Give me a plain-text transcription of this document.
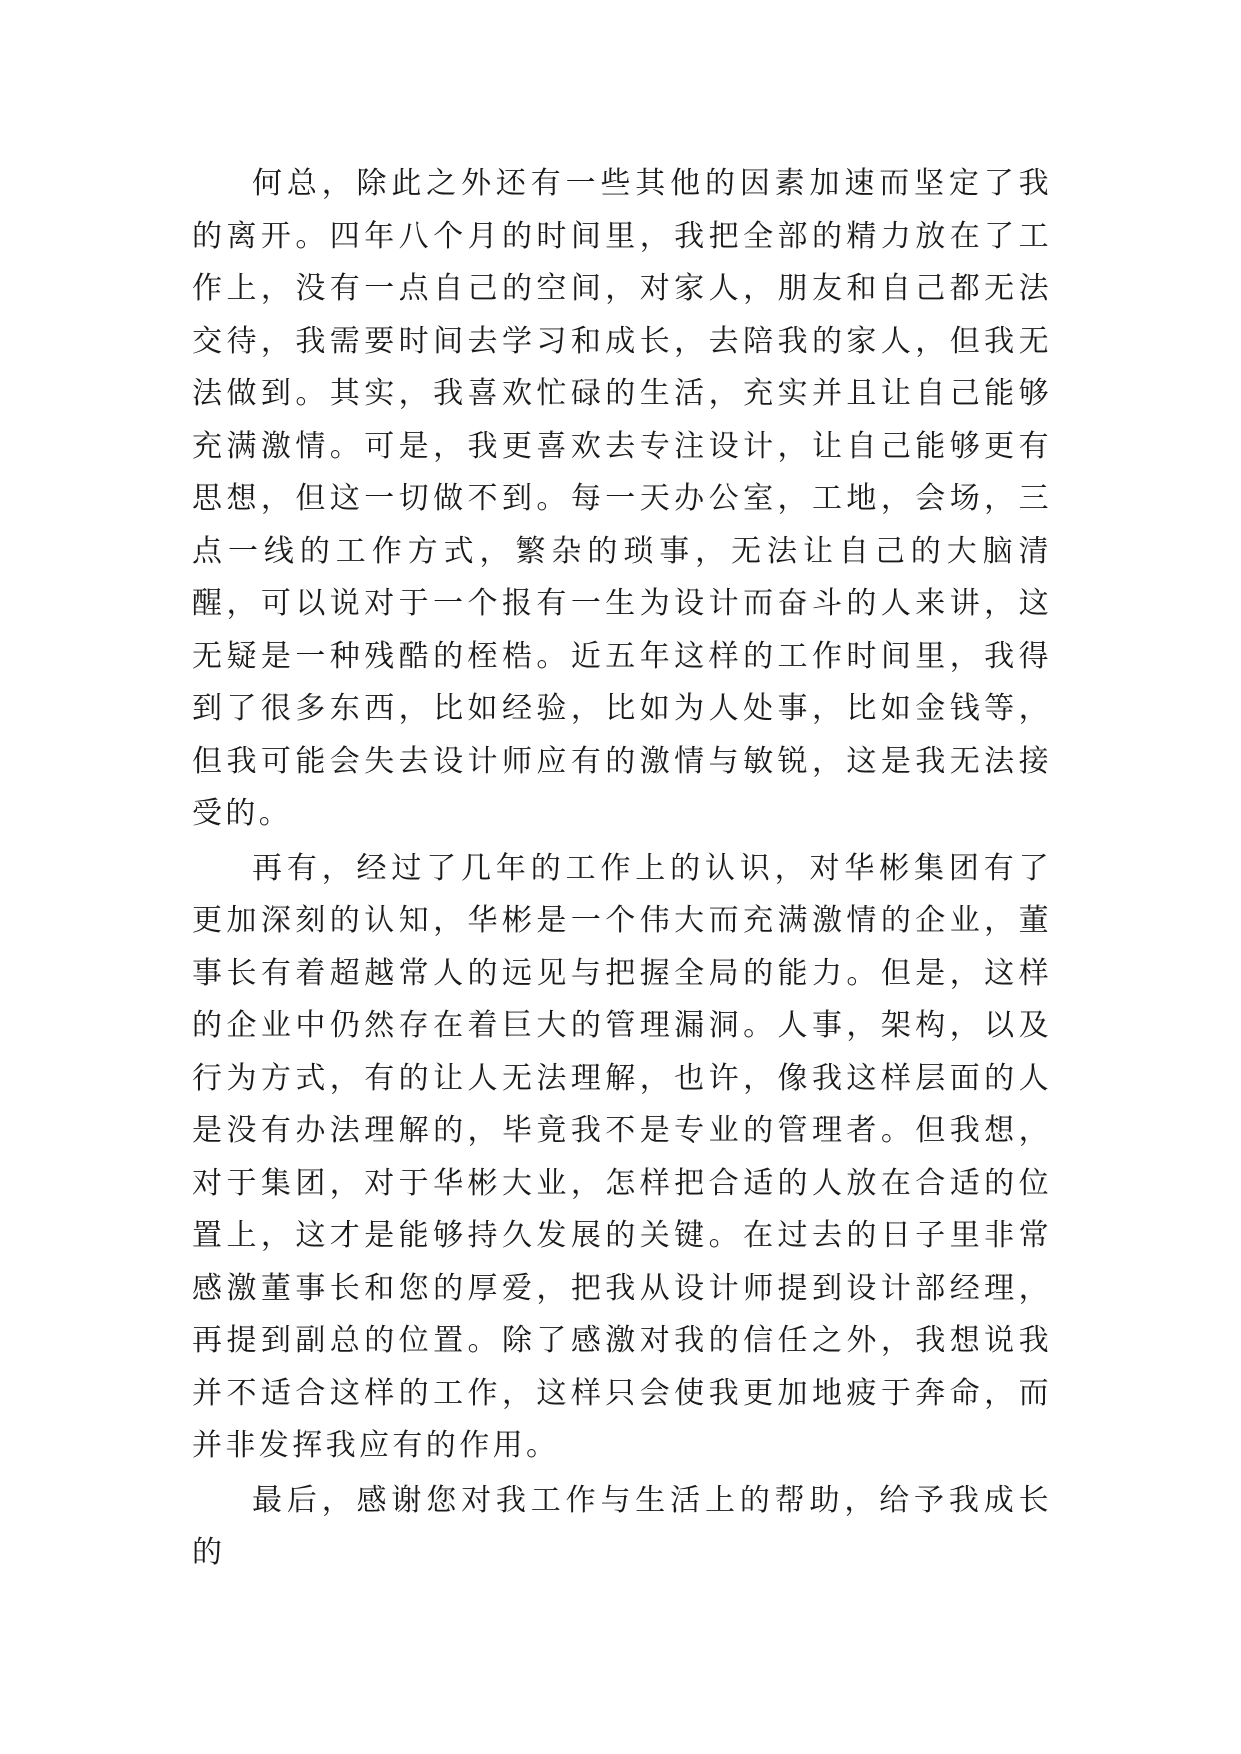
何总，除此之外还有一些其他的因素加速而坚定了我的离开。四年八个月的时间里，我把全部的精力放在了工作上，没有一点自己的空间，对家人，朋友和自己都无法交待，我需要时间去学习和成长，去陪我的家人，但我无法做到。其实，我喜欢忙碌的生活，充实并且让自己能够充满激情。可是，我更喜欢去专注设计，让自己能够更有思想，但这一切做不到。每一天办公室，工地，会场，三点一线的工作方式，繁杂的琐事，无法让自己的大脑清醒，可以说对于一个报有一生为设计而奋斗的人来讲，这无疑是一种残酷的桎梏。近五年这样的工作时间里，我得到了很多东西，比如经验，比如为人处事，比如金钱等，但我可能会失去设计师应有的激情与敏锐，这是我无法接受的。

再有，经过了几年的工作上的认识，对华彬集团有了更加深刻的认知，华彬是一个伟大而充满激情的企业，董事长有着超越常人的远见与把握全局的能力。但是，这样的企业中仍然存在着巨大的管理漏洞。人事，架构，以及行为方式，有的让人无法理解，也许，像我这样层面的人是没有办法理解的，毕竟我不是专业的管理者。但我想，对于集团，对于华彬大业，怎样把合适的人放在合适的位置上，这才是能够持久发展的关键。在过去的日子里非常感激董事长和您的厚爱，把我从设计师提到设计部经理，再提到副总的位置。除了感激对我的信任之外，我想说我并不适合这样的工作，这样只会使我更加地疲于奔命，而并非发挥我应有的作用。

最后，感谢您对我工作与生活上的帮助，给予我成长的
